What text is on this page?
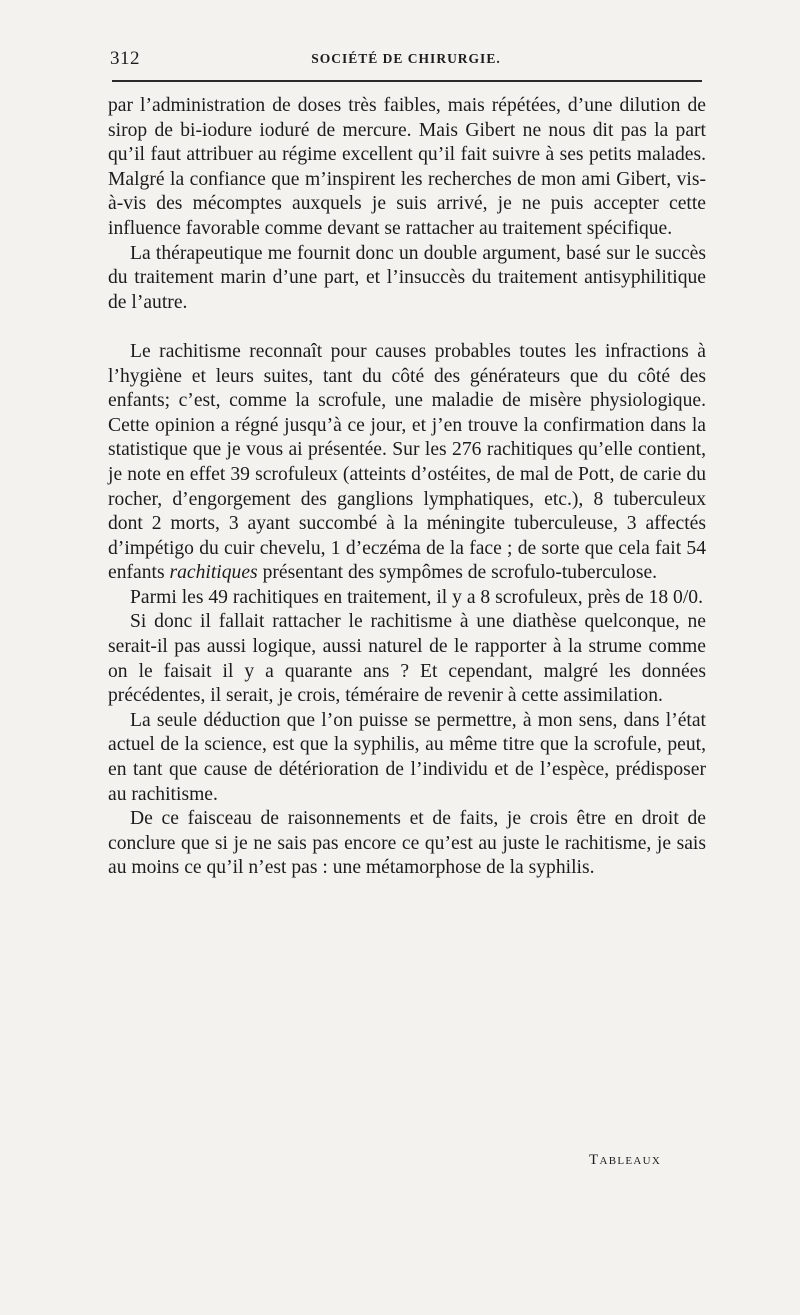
312	SOCIÉTÉ DE CHIRURGIE.

par l’administration de doses très faibles, mais répétées, d’une dilution de sirop de bi-iodure ioduré de mercure. Mais Gibert ne nous dit pas la part qu’il faut attribuer au régime excellent qu’il fait suivre à ses petits malades. Malgré la confiance que m’inspirent les recherches de mon ami Gibert, vis-à-vis des mécomptes auxquels je suis arrivé, je ne puis accepter cette influence favorable comme devant se rattacher au traitement spécifique.

La thérapeutique me fournit donc un double argument, basé sur le succès du traitement marin d’une part, et l’insuccès du traitement antisyphilitique de l’autre.

Le rachitisme reconnaît pour causes probables toutes les infractions à l’hygiène et leurs suites, tant du côté des générateurs que du côté des enfants; c’est, comme la scrofule, une maladie de misère physiologique. Cette opinion a régné jusqu’à ce jour, et j’en trouve la confirmation dans la statistique que je vous ai présentée. Sur les 276 rachitiques qu’elle contient, je note en effet 39 scrofuleux (atteints d’ostéites, de mal de Pott, de carie du rocher, d’engorgement des ganglions lymphatiques, etc.), 8 tuberculeux dont 2 morts, 3 ayant succombé à la méningite tuberculeuse, 3 affectés d’impétigo du cuir chevelu, 1 d’eczéma de la face ; de sorte que cela fait 54 enfants rachitiques présentant des sympômes de scrofulo-tuberculose.

Parmi les 49 rachitiques en traitement, il y a 8 scrofuleux, près de 18 0/0.

Si donc il fallait rattacher le rachitisme à une diathèse quelconque, ne serait-il pas aussi logique, aussi naturel de le rapporter à la strume comme on le faisait il y a quarante ans ? Et cependant, malgré les données précédentes, il serait, je crois, téméraire de revenir à cette assimilation.

La seule déduction que l’on puisse se permettre, à mon sens, dans l’état actuel de la science, est que la syphilis, au même titre que la scrofule, peut, en tant que cause de détérioration de l’individu et de l’espèce, prédisposer au rachitisme.

De ce faisceau de raisonnements et de faits, je crois être en droit de conclure que si je ne sais pas encore ce qu’est au juste le rachitisme, je sais au moins ce qu’il n’est pas : une métamorphose de la syphilis.

Tableaux
